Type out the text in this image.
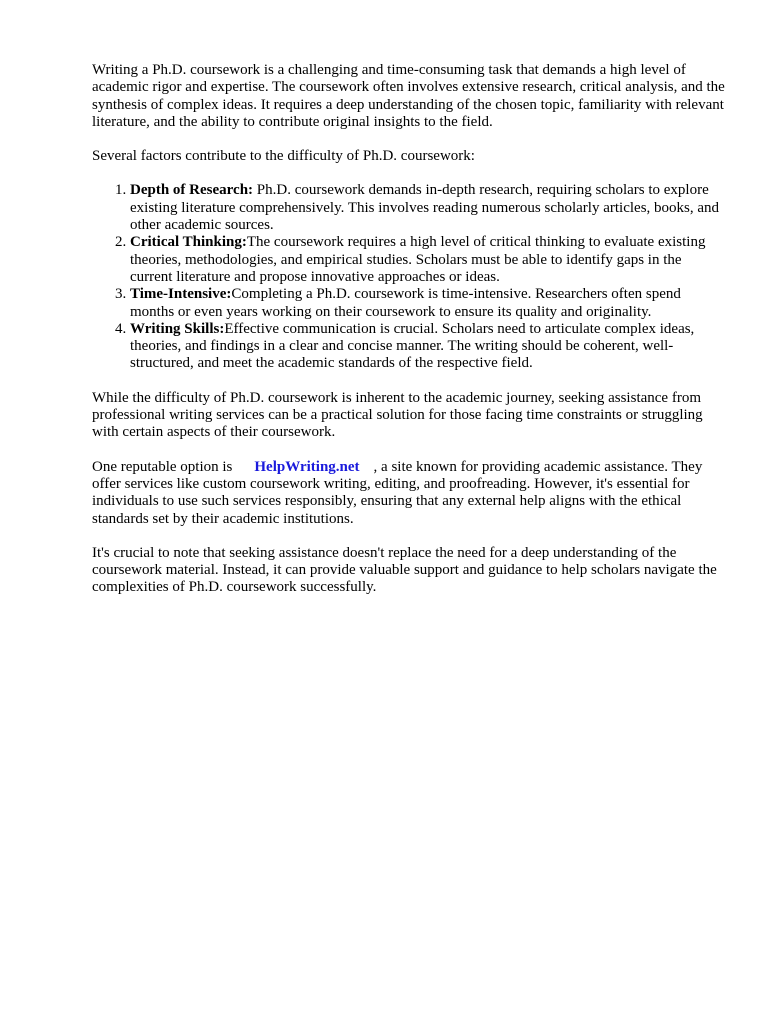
Writing a Ph.D. coursework is a challenging and time-consuming task that demands a high level of academic rigor and expertise. The coursework often involves extensive research, critical analysis, and the synthesis of complex ideas. It requires a deep understanding of the chosen topic, familiarity with relevant literature, and the ability to contribute original insights to the field.

Several factors contribute to the difficulty of Ph.D. coursework:

1. Depth of Research: Ph.D. coursework demands in-depth research, requiring scholars to explore existing literature comprehensively. This involves reading numerous scholarly articles, books, and other academic sources.
2. Critical Thinking:The coursework requires a high level of critical thinking to evaluate existing theories, methodologies, and empirical studies. Scholars must be able to identify gaps in the current literature and propose innovative approaches or ideas.
3. Time-Intensive:Completing a Ph.D. coursework is time-intensive. Researchers often spend months or even years working on their coursework to ensure its quality and originality.
4. Writing Skills:Effective communication is crucial. Scholars need to articulate complex ideas, theories, and findings in a clear and concise manner. The writing should be coherent, well-structured, and meet the academic standards of the respective field.

While the difficulty of Ph.D. coursework is inherent to the academic journey, seeking assistance from professional writing services can be a practical solution for those facing time constraints or struggling with certain aspects of their coursework.

One reputable option is HelpWriting.net , a site known for providing academic assistance. They offer services like custom coursework writing, editing, and proofreading. However, it's essential for individuals to use such services responsibly, ensuring that any external help aligns with the ethical standards set by their academic institutions.

It's crucial to note that seeking assistance doesn't replace the need for a deep understanding of the coursework material. Instead, it can provide valuable support and guidance to help scholars navigate the complexities of Ph.D. coursework successfully.
